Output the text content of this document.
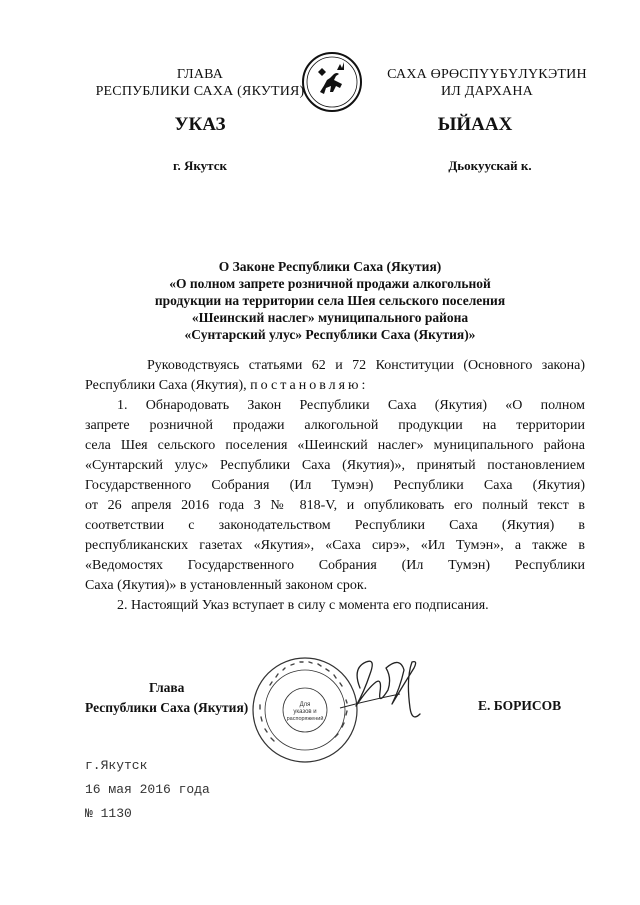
ГЛАВА
РЕСПУБЛИКИ САХА (ЯКУТИЯ)
САХА ӨРӨСПҮҮБҮЛҮКЭТИН
ИЛ ДАРХАНА
УКАЗ	ЫЙААХ
г. Якутск	Дьокуускай к.
О Законе Республики Саха (Якутия)
«О полном запрете розничной продажи алкогольной
продукции на территории села Шея сельского поселения
«Шеинский наслег» муниципального района
«Сунтарский улус» Республики Саха (Якутия)»
Руководствуясь статьями 62 и 72 Конституции (Основного закона)
Республики Саха (Якутия), постановляю:
1. Обнародовать Закон Республики Саха (Якутия) «О полном
запрете розничной продажи алкогольной продукции на территории
села Шея сельского поселения «Шеинский наслег» муниципального района
«Сунтарский улус» Республики Саха (Якутия)», принятый постановлением
Государственного Собрания (Ил Тумэн) Республики Саха (Якутия)
от 26 апреля 2016 года З № 818-V, и опубликовать его полный текст в
соответствии с законодательством Республики Саха (Якутия) в
республиканских газетах «Якутия», «Саха сирэ», «Ил Тумэн», а также в
«Ведомостях Государственного Собрания (Ил Тумэн) Республики
Саха (Якутия)» в установленный законом срок.
2. Настоящий Указ вступает в силу с момента его подписания.
Глава
Республики Саха (Якутия)	Для
указов и
распоряжений
Е. БОРИСОВ
г.Якутск
16 мая 2016 года
№ 1130
